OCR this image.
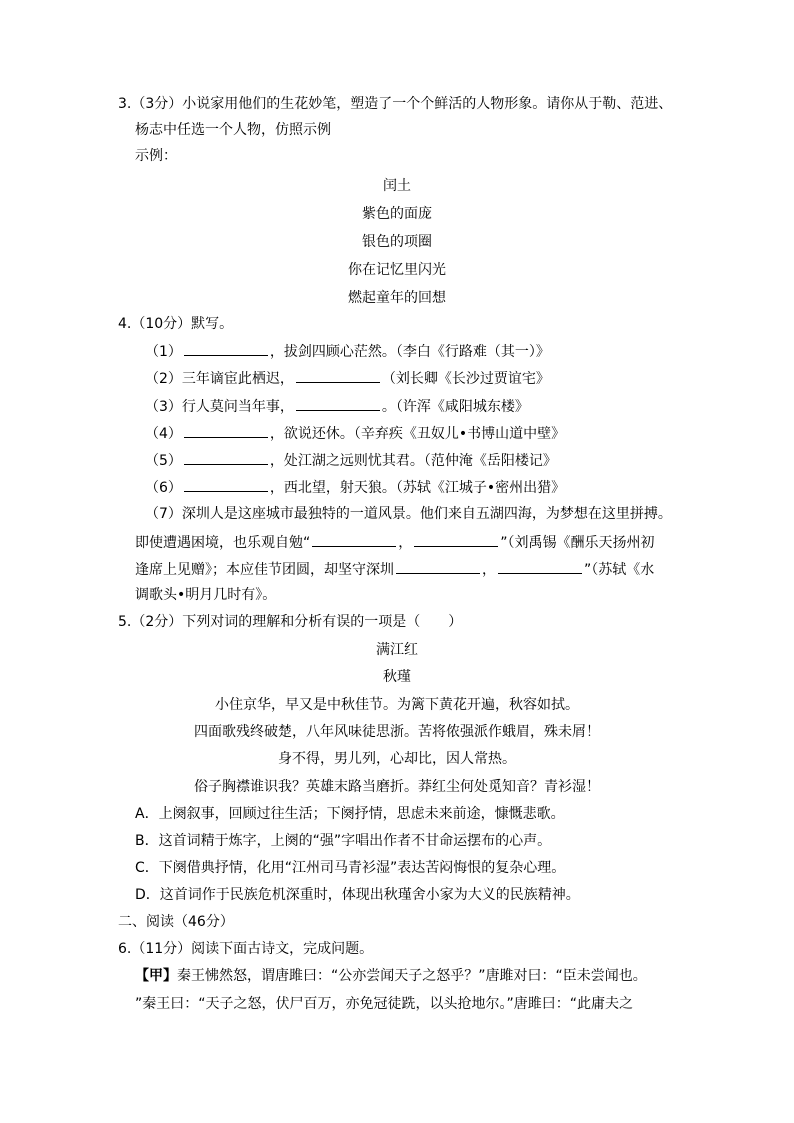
3.（3分）小说家用他们的生花妙笔，塑造了一个个鲜活的人物形象。请你从于勒、范进、
杨志中任选一个人物，仿照示例
示例：
闰土
紫色的面庞
银色的项圈
你在记忆里闪光
燃起童年的回想
4.（10分）默写。
（1）	，拔剑四顾心茫然。（李白《行路难（其一）》
（2）三年谪宦此栖迟，	（刘长卿《长沙过贾谊宅》
（3）行人莫问当年事，	。（许浑《咸阳城东楼》
（4）	，欲说还休。（辛弃疾《丑奴儿•书博山道中壁》
（5）	，处江湖之远则忧其君。（范仲淹《岳阳楼记》
（6）	，西北望，射天狼。（苏轼《江城子•密州出猎》
（7）深圳人是这座城市最独特的一道风景。他们来自五湖四海，为梦想在这里拼搏。
即使遭遇困境，也乐观自勉“	，	”（刘禹锡《酬乐天扬州初
逢席上见赠》；本应佳节团圆，却坚守深圳	，	”（苏轼《水
调歌头•明月几时有》。
5.（2分）下列对词的理解和分析有误的一项是（　　）
满江红
秋瑾
小住京华，早又是中秋佳节。为篱下黄花开遍，秋容如拭。
四面歌残终破楚，八年风味徒思浙。苦将侬强派作蛾眉，殊未屑！
身不得，男儿列，心却比，因人常热。
俗子胸襟谁识我？英雄末路当磨折。莽红尘何处觅知音？青衫湿！
A．上阕叙事，回顾过往生活；下阕抒情，思虑未来前途，慷慨悲歌。
B．这首词精于炼字，上阕的“强”字唱出作者不甘命运摆布的心声。
C．下阕借典抒情，化用“江州司马青衫湿”表达苦闷悔恨的复杂心理。
D．这首词作于民族危机深重时，体现出秋瑾舍小家为大义的民族精神。
二、阅读（46分）
6.（11分）阅读下面古诗文，完成问题。
【甲】秦王怫然怒，谓唐雎曰：“公亦尝闻天子之怒乎？”唐雎对曰：“臣未尝闻也。
”秦王曰：“天子之怒，伏尸百万，亦免冠徒跣，以头抢地尔。”唐雎曰：“此庸夫之
